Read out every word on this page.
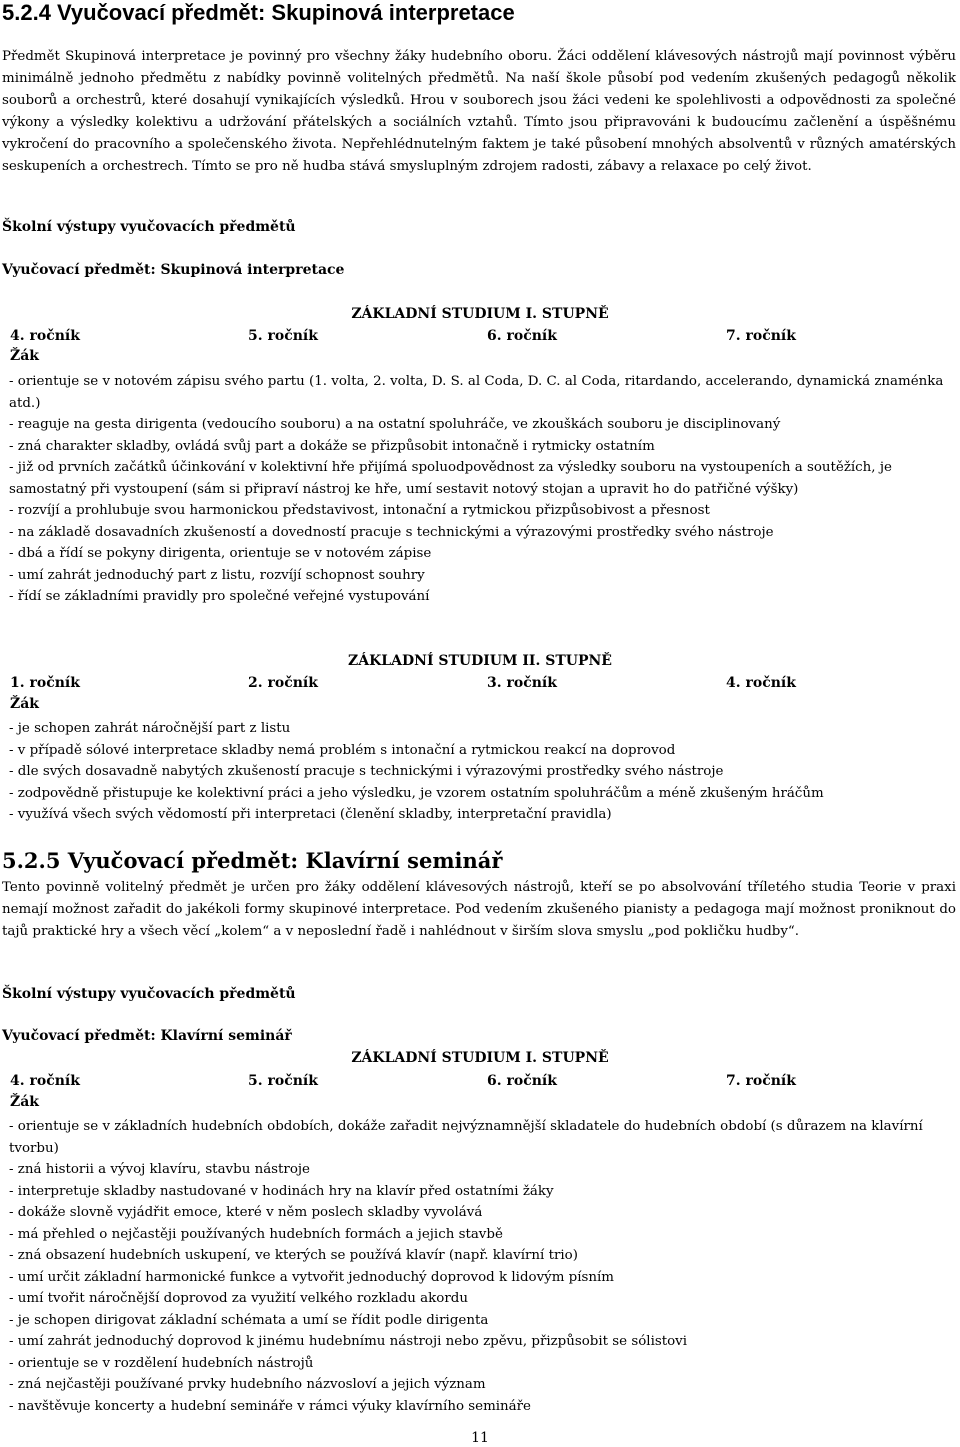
5.2.4 Vyučovací předmět: Skupinová interpretace

Předmět Skupinová interpretace je povinný pro všechny žáky hudebního oboru. Žáci oddělení klávesových nástrojů mají povinnost výběru minimálně jednoho předmětu z nabídky povinně volitelných předmětů. Na naší škole působí pod vedením zkušených pedagogů několik souborů a orchestrů, které dosahují vynikajících výsledků. Hrou v souborech jsou žáci vedeni ke spolehlivosti a odpovědnosti za společné výkony a výsledky kolektivu a udržování přátelských a sociálních vztahů. Tímto jsou připravováni k budoucímu začlenění a úspěšnému vykročení do pracovního a společenského života. Nepřehlédnutelným faktem je také působení mnohých absolventů v různých amatérských seskupeních a orchestrech. Tímto se pro ně hudba stává smysluplným zdrojem radosti, zábavy a relaxace po celý život.

Školní výstupy vyučovacích předmětů
Vyučovací předmět: Skupinová interpretace
ZÁKLADNÍ STUDIUM I. STUPNĚ
4. ročník	5. ročník	6. ročník	7. ročník
Žák
- orientuje se v notovém zápisu svého partu (1. volta, 2. volta, D. S. al Coda, D. C. al Coda, ritardando, accelerando, dynamická znaménka atd.)
- reaguje na gesta dirigenta (vedoucího souboru) a na ostatní spoluhráče, ve zkouškách souboru je disciplinovaný
- zná charakter skladby, ovládá svůj part a dokáže se přizpůsobit intonačně i rytmicky ostatním
- již od prvních začátků účinkování v kolektivní hře přijímá spoluodpovědnost za výsledky souboru na vystoupeních a soutěžích, je samostatný při vystoupení (sám si připraví nástroj ke hře, umí sestavit notový stojan a upravit ho do patřičné výšky)
- rozvíjí a prohlubuje svou harmonickou představivost, intonační a rytmickou přizpůsobivost a přesnost
- na základě dosavadních zkušeností a dovedností pracuje s technickými a výrazovými prostředky svého nástroje
- dbá a řídí se pokyny dirigenta, orientuje se v notovém zápise
- umí zahrát jednoduchý part z listu, rozvíjí schopnost souhry
- řídí se základními pravidly pro společné veřejné vystupování
ZÁKLADNÍ STUDIUM II. STUPNĚ
1. ročník	2. ročník	3. ročník	4. ročník
Žák
- je schopen zahrát náročnější part z listu
- v případě sólové interpretace skladby nemá problém s intonační a rytmickou reakcí na doprovod
- dle svých dosavadně nabytých zkušeností pracuje s technickými i výrazovými prostředky svého nástroje
- zodpovědně přistupuje ke kolektivní práci a jeho výsledku, je vzorem ostatním spoluhráčům a méně zkušeným hráčům
- využívá všech svých vědomostí při interpretaci (členění skladby, interpretační pravidla)
5.2.5 Vyučovací předmět: Klavírní seminář

Tento povinně volitelný předmět je určen pro žáky oddělení klávesových nástrojů, kteří se po absolvování tříletého studia Teorie v praxi nemají možnost zařadit do jakékoli formy skupinové interpretace. Pod vedením zkušeného pianisty a pedagoga mají možnost proniknout do tajů praktické hry a všech věcí „kolem“ a v neposlední řadě i nahlédnout v širším slova smyslu „pod pokličku hudby“.

Školní výstupy vyučovacích předmětů
Vyučovací předmět: Klavírní seminář
ZÁKLADNÍ STUDIUM I. STUPNĚ
4. ročník	5. ročník	6. ročník	7. ročník
Žák
- orientuje se v základních hudebních obdobích, dokáže zařadit nejvýznamnější skladatele do hudebních období (s důrazem na klavírní tvorbu)
- zná historii a vývoj klavíru, stavbu nástroje
- interpretuje skladby nastudované v hodinách hry na klavír před ostatními žáky
- dokáže slovně vyjádřit emoce, které v něm poslech skladby vyvolává
- má přehled o nejčastěji používaných hudebních formách a jejich stavbě
- zná obsazení hudebních uskupení, ve kterých se používá klavír (např. klavírní trio)
- umí určit základní harmonické funkce a vytvořit jednoduchý doprovod k lidovým písním
- umí tvořit náročnější doprovod za využití velkého rozkladu akordu
- je schopen dirigovat základní schémata a umí se řídit podle dirigenta
- umí zahrát jednoduchý doprovod k jinému hudebnímu nástroji nebo zpěvu, přizpůsobit se sólistovi
- orientuje se v rozdělení hudebních nástrojů
- zná nejčastěji používané prvky hudebního názvosloví a jejich význam
- navštěvuje koncerty a hudební semináře v rámci výuky klavírního semináře
11
